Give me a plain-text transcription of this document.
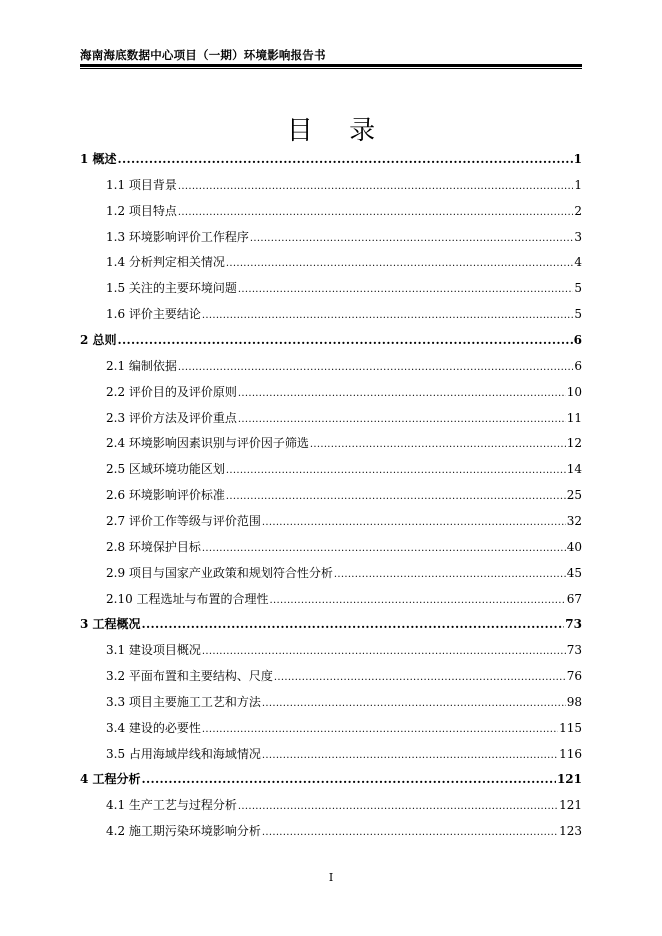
海南海底数据中心项目（一期）环境影响报告书
目 录
1 概述 .....	1
1.1 项目背景 .....	1
1.2 项目特点 .....	2
1.3 环境影响评价工作程序 .....	3
1.4 分析判定相关情况 .....	4
1.5 关注的主要环境问题 .....	5
1.6 评价主要结论 .....	5
2 总则 .....	6
2.1 编制依据 .....	6
2.2 评价目的及评价原则 .....	10
2.3 评价方法及评价重点 .....	11
2.4 环境影响因素识别与评价因子筛选 .....	12
2.5 区域环境功能区划 .....	14
2.6 环境影响评价标准 .....	25
2.7 评价工作等级与评价范围 .....	32
2.8 环境保护目标 .....	40
2.9 项目与国家产业政策和规划符合性分析 .....	45
2.10 工程选址与布置的合理性 .....	67
3 工程概况 .....	73
3.1 建设项目概况 .....	73
3.2 平面布置和主要结构、尺度 .....	76
3.3 项目主要施工工艺和方法 .....	98
3.4 建设的必要性 .....	115
3.5 占用海域岸线和海域情况 .....	116
4 工程分析 .....	121
4.1 生产工艺与过程分析 .....	121
4.2 施工期污染环境影响分析 .....	123
I
